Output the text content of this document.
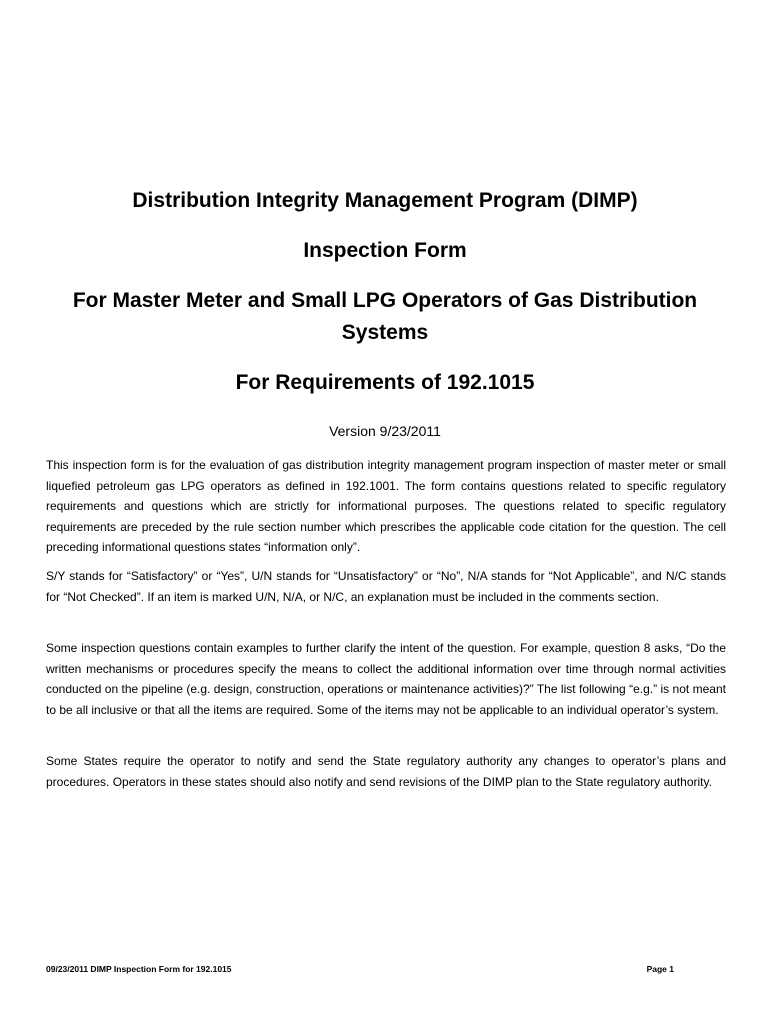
Distribution Integrity Management Program (DIMP)
Inspection Form
For Master Meter and Small LPG Operators of Gas Distribution Systems
For Requirements of 192.1015

Version 9/23/2011

This inspection form is for the evaluation of gas distribution integrity management program inspection of master meter or small liquefied petroleum gas LPG operators as defined in 192.1001. The form contains questions related to specific regulatory requirements and questions which are strictly for informational purposes. The questions related to specific regulatory requirements are preceded by the rule section number which prescribes the applicable code citation for the question. The cell preceding informational questions states “information only”.

S/Y stands for “Satisfactory” or “Yes”, U/N stands for “Unsatisfactory” or “No”, N/A stands for “Not Applicable”, and N/C stands for “Not Checked”. If an item is marked U/N, N/A, or N/C, an explanation must be included in the comments section.

Some inspection questions contain examples to further clarify the intent of the question. For example, question 8 asks, “Do the written mechanisms or procedures specify the means to collect the additional information over time through normal activities conducted on the pipeline (e.g. design, construction, operations or maintenance activities)?” The list following “e.g.” is not meant to be all inclusive or that all the items are required. Some of the items may not be applicable to an individual operator’s system.

Some States require the operator to notify and send the State regulatory authority any changes to operator’s plans and procedures. Operators in these states should also notify and send revisions of the DIMP plan to the State regulatory authority.

09/23/2011 DIMP Inspection Form for 192.1015	Page 1
